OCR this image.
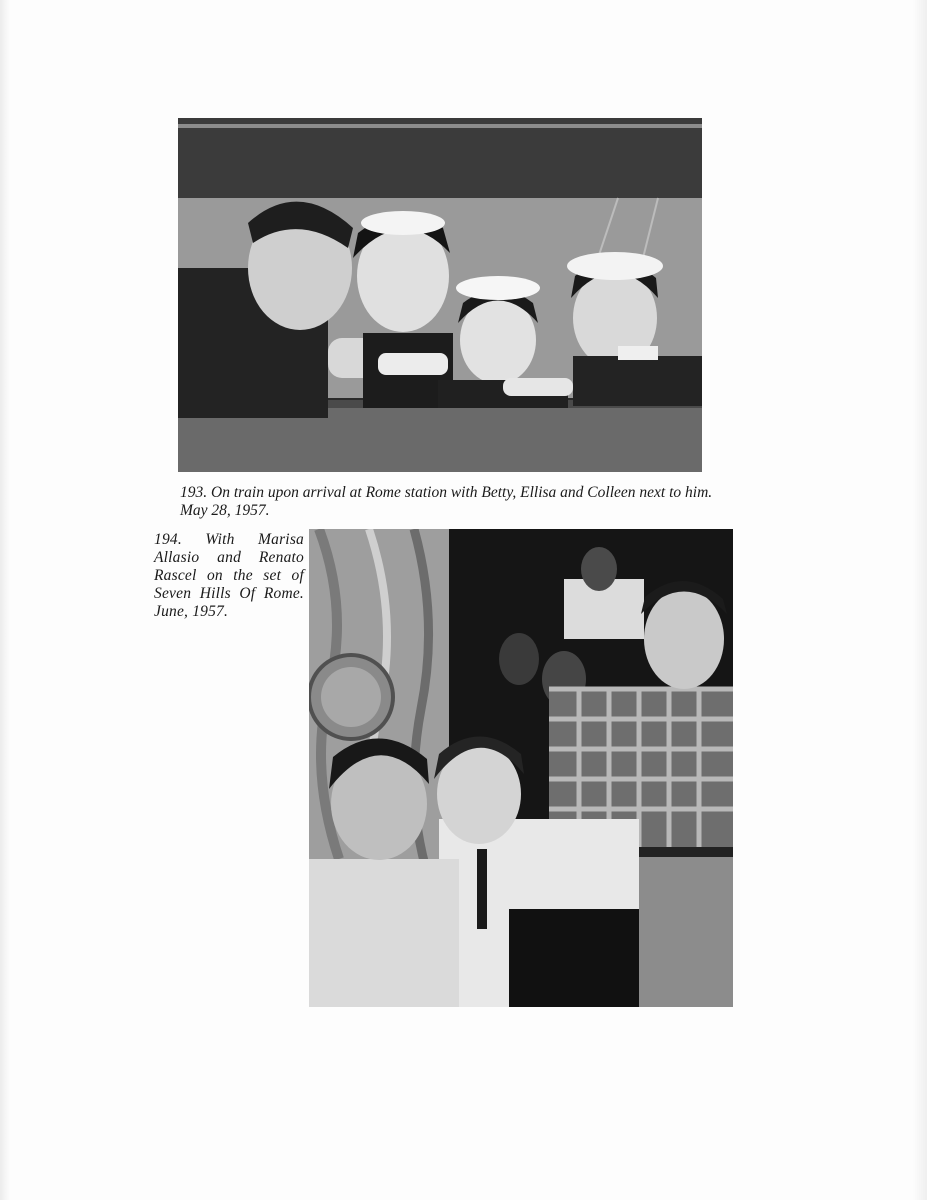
193. On train upon arrival at Rome station with Betty, Ellisa and Colleen next to him.
May 28, 1957.

194. With Marisa
Allasio and Renato
Rascel on the set of
Seven Hills Of Rome.
June, 1957.
